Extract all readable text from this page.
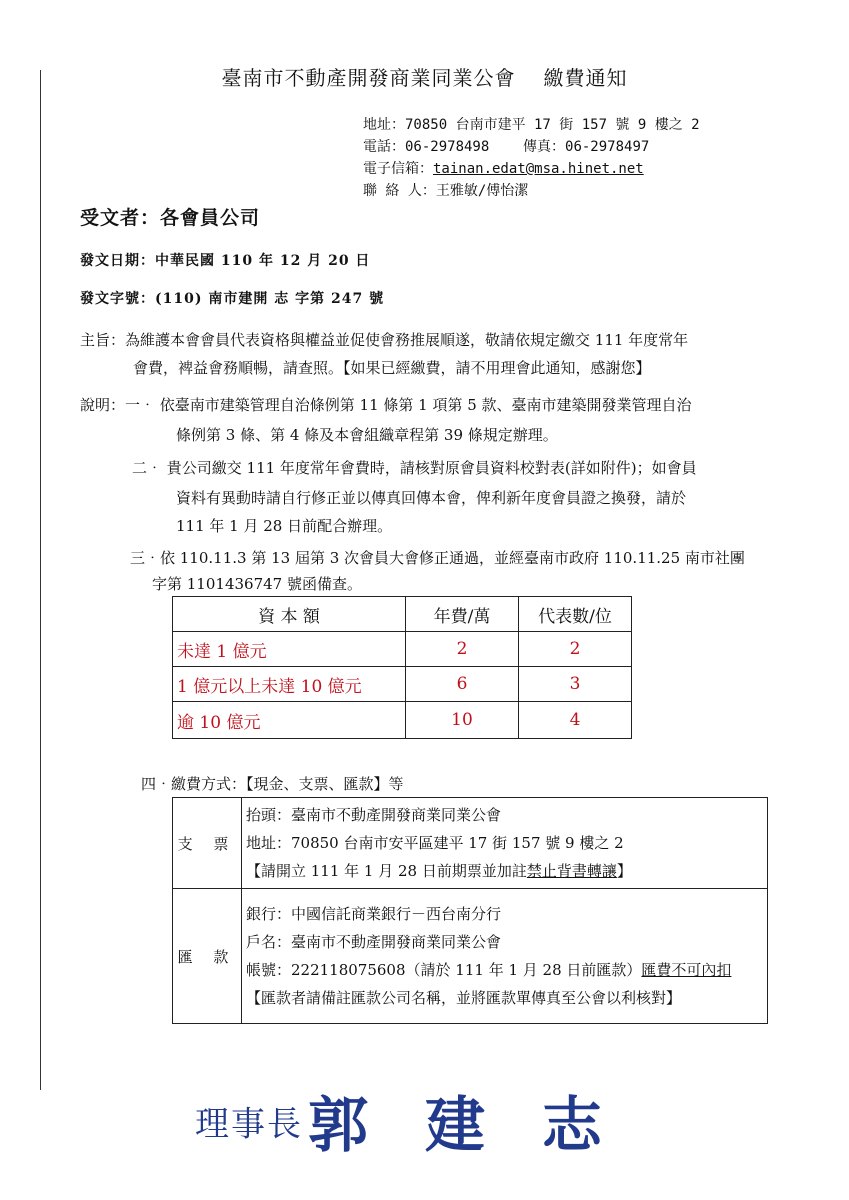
臺南市不動產開發商業同業公會 繳費通知
地址：70850 台南市建平 17 街 157 號 9 樓之 2
電話：06-2978498 傳真：06-2978497
電子信箱：tainan.edat@msa.hinet.net
聯 絡 人：王雅敏/傅怡潔
受文者：各會員公司
發文日期：中華民國 110 年 12 月 20 日
發文字號：(110) 南市建開 志 字第 247 號
主旨：為維護本會會員代表資格與權益並促使會務推展順遂，敬請依規定繳交 111 年度常年
會費，裨益會務順暢，請查照。【如果已經繳費，請不用理會此通知，感謝您】
說明：一‧ 依臺南市建築管理自治條例第 11 條第 1 項第 5 款、臺南市建築開發業管理自治
條例第 3 條、第 4 條及本會組織章程第 39 條規定辦理。
二‧ 貴公司繳交 111 年度常年會費時，請核對原會員資料校對表(詳如附件)；如會員
資料有異動時請自行修正並以傳真回傳本會，俾利新年度會員證之換發，請於
111 年 1 月 28 日前配合辦理。
三‧依 110.11.3 第 13 屆第 3 次會員大會修正通過，並經臺南市政府 110.11.25 南市社團
字第 1101436747 號函備查。
資 本 額	年費/萬	代表數/位
未達 1 億元	2	2
1 億元以上未達 10 億元	6	3
逾 10 億元	10	4
四‧繳費方式：【現金、支票、匯款】等
支 票	抬頭：臺南市不動產開發商業同業公會
地址：70850 台南市安平區建平 17 街 157 號 9 樓之 2
【請開立 111 年 1 月 28 日前期票並加註禁止背書轉讓】

匯 款	銀行：中國信託商業銀行－西台南分行
戶名：臺南市不動產開發商業同業公會
帳號：222118075608（請於 111 年 1 月 28 日前匯款）匯費不可內扣
【匯款者請備註匯款公司名稱，並將匯款單傳真至公會以利核對】
理事長 郭 建 志
